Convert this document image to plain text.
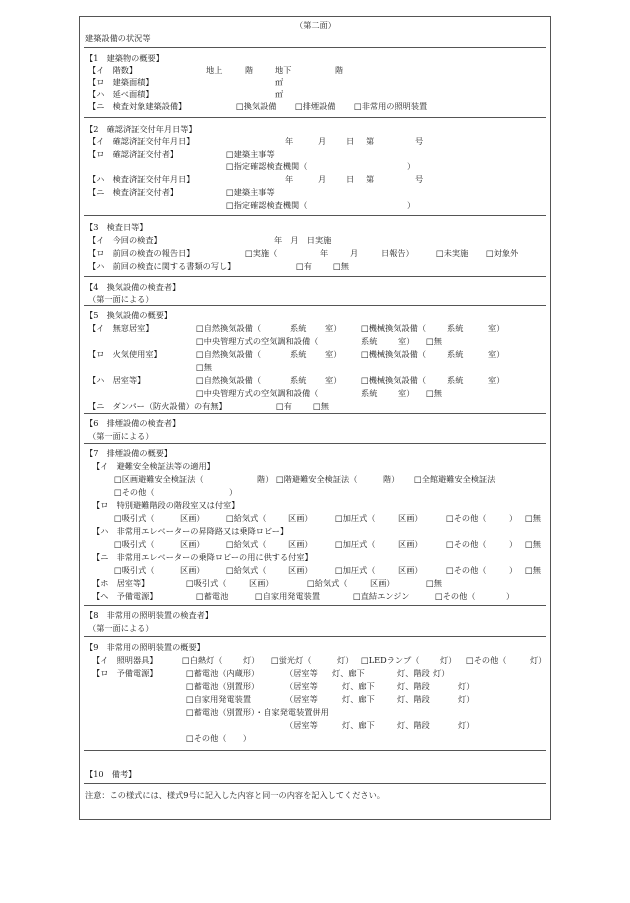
（第二面）
建築設備の状況等
【1　建築物の概要】
【イ　階数】	地上	階	地下	階
【ロ　建築面積】	㎡
【ハ　延べ面積】	㎡
【ニ　検査対象建築設備】	□換気設備 □排煙設備 □非常用の照明装置
【2　確認済証交付年月日等】
【イ　確認済証交付年月日】	年	月 日 第	号
【ロ　確認済証交付者】	□建築主事等
□指定確認検査機関（	）
【ハ　検査済証交付年月日】	年	月 日 第	号
【ニ　検査済証交付者】	□建築主事等
□指定確認検査機関（	）
【3　検査日等】
【イ　今回の検査】	年　月　日実施
【ロ　前回の検査の報告日】	□実施（	年	月	日報告）	□未実施 □対象外
【ハ　前回の検査に関する書類の写し】	□有	□無
【4　換気設備の検査者】
（第一面による）
【5　換気設備の概要】
【イ　無窓居室】	□自然換気設備（	系統 室） □機械換気設備（	系統	室）
□中央管理方式の空気調和設備（	系統	室） □無
【ロ　火気使用室】	□自然換気設備（	系統 室） □機械換気設備（	系統	室）
□無
【ハ　居室等】	□自然換気設備（	系統 室） □機械換気設備（	系統	室）
□中央管理方式の空気調和設備（	系統	室） □無
【ニ　ダンパー（防火設備）の有無】	□有	□無
【6　排煙設備の検査者】
（第一面による）
【7　排煙設備の概要】
【イ　避難安全検証法等の適用】
□区画避難安全検証法（	階） □階避難安全検証法（	階） □全館避難安全検証法
□その他（	）
【ロ　特別避難階段の階段室又は付室】
□吸引式（	区画）	□給気式（	区画）	□加圧式（	区画）	□その他（	） □無
【ハ　非常用エレベーターの昇降路又は乗降ロビー】
□吸引式（	区画）	□給気式（	区画）	□加圧式（	区画）	□その他（	） □無
【ニ　非常用エレベーターの乗降ロビーの用に供する付室】
□吸引式（	区画）	□給気式（	区画）	□加圧式（	区画）	□その他（	） □無
【ホ　居室等】	□吸引式（	区画）	□給気式（	区画）	□無
【ヘ　予備電源】	□蓄電池	□自家用発電装置	□直結エンジン	□その他（	）
【8　非常用の照明装置の検査者】
（第一面による）
【9　非常用の照明装置の概要】
【イ　照明器具】	□白熱灯（	灯） □蛍光灯（	灯） □LEDランプ（	灯） □その他（	灯）
【ロ　予備電源】	□蓄電池（内蔵形）	（居室等 灯、廊下	灯、階段 灯）
□蓄電池（別置形）	（居室等	灯、廊下	灯、階段	灯）
□自家用発電装置	（居室等	灯、廊下	灯、階段	灯）
□蓄電池（別置形）・自家発電装置併用
（居室等	灯、廊下	灯、階段	灯）
□その他（　　）
【10　備考】
注意：この様式には、様式9号に記入した内容と同一の内容を記入してください。
